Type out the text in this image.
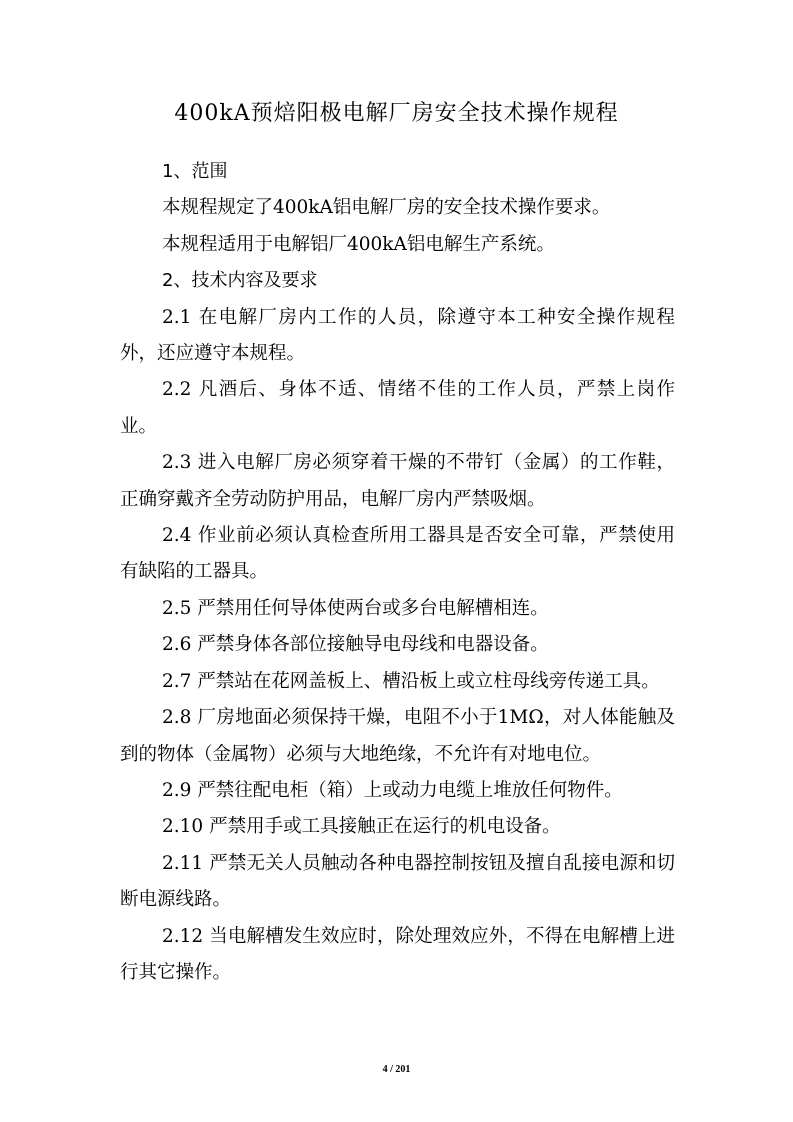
400kA预焙阳极电解厂房安全技术操作规程

1、范围

本规程规定了400kA铝电解厂房的安全技术操作要求。

本规程适用于电解铝厂400kA铝电解生产系统。

2、技术内容及要求

2.1 在电解厂房内工作的人员，除遵守本工种安全操作规程外，还应遵守本规程。

2.2 凡酒后、身体不适、情绪不佳的工作人员，严禁上岗作业。

2.3 进入电解厂房必须穿着干燥的不带钉（金属）的工作鞋，正确穿戴齐全劳动防护用品，电解厂房内严禁吸烟。

2.4 作业前必须认真检查所用工器具是否安全可靠，严禁使用有缺陷的工器具。

2.5 严禁用任何导体使两台或多台电解槽相连。

2.6 严禁身体各部位接触导电母线和电器设备。

2.7 严禁站在花网盖板上、槽沿板上或立柱母线旁传递工具。

2.8 厂房地面必须保持干燥，电阻不小于1MΩ，对人体能触及到的物体（金属物）必须与大地绝缘，不允许有对地电位。

2.9 严禁往配电柜（箱）上或动力电缆上堆放任何物件。

2.10 严禁用手或工具接触正在运行的机电设备。

2.11 严禁无关人员触动各种电器控制按钮及擅自乱接电源和切断电源线路。

2.12 当电解槽发生效应时，除处理效应外，不得在电解槽上进行其它操作。

4 / 201
